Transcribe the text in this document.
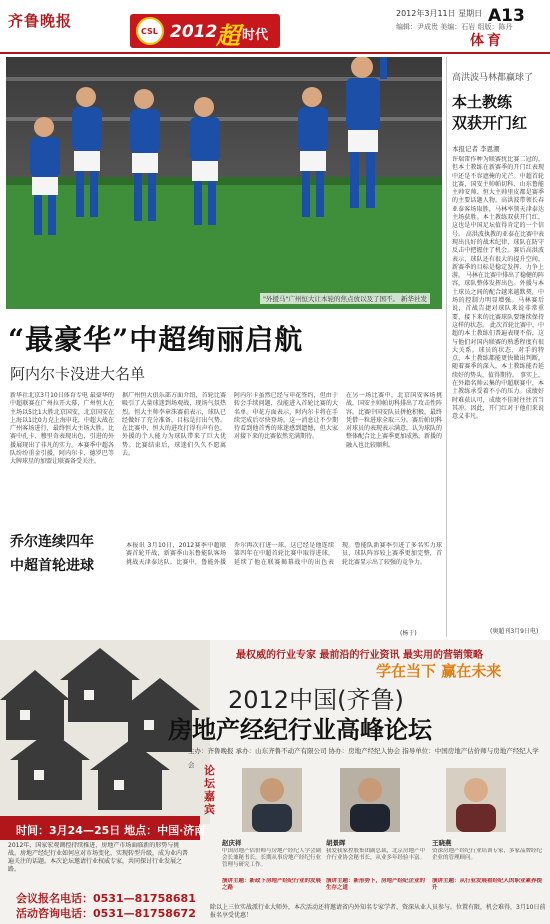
齐鲁晚报
CSL 2012
超 时代
2012年3月11日 星期日
编辑：尹成贵 美编：石岩 组版：陈丹
A13
体育
"外援马"广州恒大让本轮的焦点放以及了国不。 新华社发
高洪波马林都赢球了
本土教练
双获开门红
本报记者 李恩潮
许瑞雷作种为联赛扰比赛二冠的，但本土教练在新赛季的开门红表现中还是不容遮掩的光芒。中超首轮比赛，国安主帅帕切科、山东鲁能主帅安帅、恒大主帅里皮都是赛季的主要话题人物。高洪波带领长春亚泰客场取胜，马林率领天津泰达主场获胜。本土教练双获开门红，这也是中国足坛值得肯定的一个信号。 高洪波执教的亚泰在比赛中表现出良好的战术纪律，球队在防守反击中把握住了机会。赛后高洪波表示，球队还有很大的提升空间，新赛季的目标是稳定发挥、力争上游。 马林在比赛中排出了稳健的阵容，球队整体发挥出色。外援与本土球员之间的配合越来越默契，中场的控制力明显增强。马林赛后说，首战告捷对球队来说非常重要，接下来的比赛球队要继续保持这样的状态。 此次首轮比赛中，中超的本土教练们普遍表现不俗，这与他们对国内联赛的熟悉程度有很大关系。球员的状态、对手的特点，本土教练都能更快做出判断。随着赛季的深入，本土教练能否延续好的势头，值得期待。 事实上，在外籍名帅云集的中超联赛中，本土教练承受着不小的压力。成绩好时难获认可，成绩不佳时往往首当其冲。因此，开门红对于他们来说意义非凡。
(奥超刊3月9日电)
“最豪华”中超绚丽启航
阿内尔卡没进大名单
新华社北京3月10日体育专电 最豪华的中超联赛在广州拉开大幕，广州恒大在主场以5比1大胜北京国安，北京国安在上海以1比0力克上海申花，中超大战在广州客场进行，最终恒大主场大胜。比赛中孔卡、穆里奇表现出色，引进的外援展现出了非凡的实力。本赛季中超各队纷纷重金引援，阿内尔卡、德罗巴等大牌球星的加盟让联赛备受关注。
据广州恒大俱乐部方面介绍，首轮比赛吸引了大量球迷到场观战，现场气氛热烈。恒大主帅李章洙赛前表示，球队已经做好了充分准备，目标是打出气势。在比赛中，恒大的进攻打得有声有色，外援的个人能力为球队带来了巨大优势。比赛结束后，球迷们久久不愿离去。
阿内尔卡虽然已经与申花签约，但由于转会手续问题，没能进入首轮比赛的大名单。申花方面表示，阿内尔卡将在手续完成后尽快登场。这一消息让不少期待看到他首秀的球迷感到遗憾，但大家对接下来的比赛依然充满期待。
在另一场比赛中，北京国安客场挑战，国安主帅帕切科排出了攻击性阵容。比赛中国安队员拼抢积极，最终凭借一粒进球全取三分。赛后帕切科对球员的表现表示满意，认为球队的整体配合比上赛季更加成熟，新援的融入也比较顺利。
乔尔连续四年
中超首轮进球
本报讯 3月10日，2012赛季中超联赛首轮开战，新赛季山东鲁能队客场挑战天津泰达队。比赛中，鲁能外援乔尔再次打进一球，这已经是他连续第四年在中超首轮比赛中取得进球，延续了他在联赛揭幕战中的出色表现。鲁能队新赛季引进了多名实力球员，球队阵容较上赛季更加完整，首轮比赛显示出了较强的竞争力。
(杨于)
最权威的行业专家 最前沿的行业资讯 最实用的营销策略
学在当下 赢在未来
2012中国(齐鲁)
房地产经纪行业高峰论坛
主办：齐鲁晚报 承办：山东齐鲁不动产有限公司 协办：房地产经纪人协会 指导单位：中国房地产估价师与房地产经纪人学会 论坛嘉宾
时间：3月24—25日 地点：中国·济南
2012年，国家宏观调控持续推进，房地产市场面临新的形势与挑战。房地产经纪行业如何应对市场变化、实现转型升级，成为业内普遍关注的话题。本次论坛邀请行业权威专家，共同探讨行业发展之路。
会议报名电话：0531—81758681
活动咨询电话：0531—81758672
赵庆祥
中国房地产估价师与房地产经纪人学会副会长兼秘书长，长期从事房地产经纪行业管理与研究工作。
演讲主题：新政下房地产经纪行业的发展之路
胡景晖
我爱我家控股集团副总裁，北京房地产中介行业协会秘书长，从业多年经验丰富。
演讲主题：新形势下，房地产经纪企业的生存之道
王晓燕
资深房地产经纪行业培训专家，多家品牌经纪企业的管理顾问。
演讲主题：从行业发展看经纪人的职业素养提升
除以上三位实战派行业大师外，本次活动还将邀请省内外知名专家学者、资深从业人员参与。位置有限，机会难得，3月10日前报名享受优惠！
